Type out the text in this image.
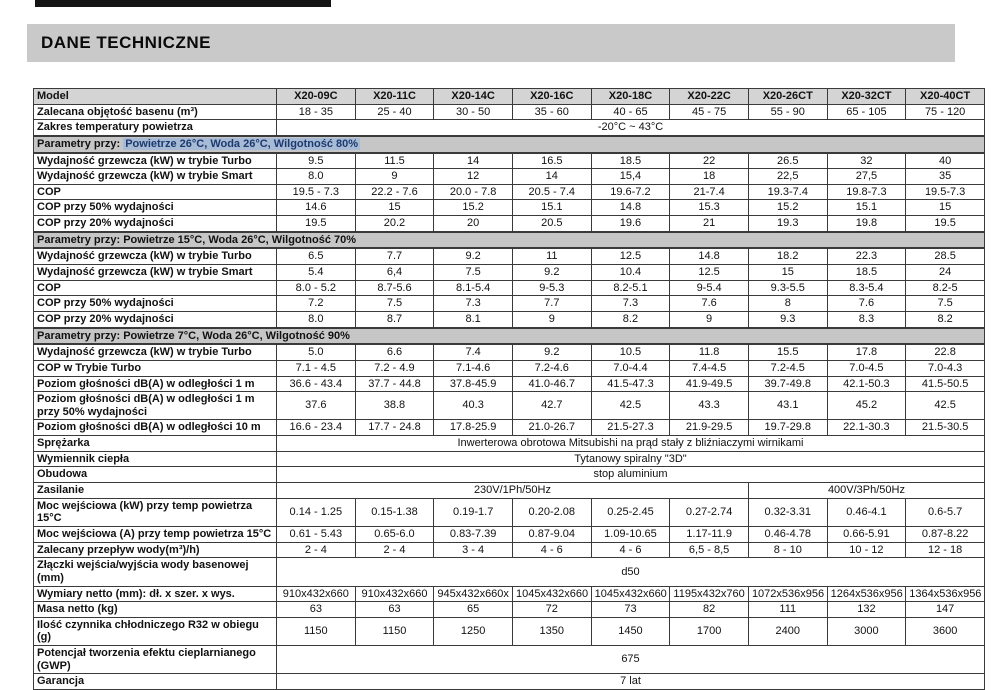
DANE TECHNICZNE
Model	X20-09C	X20-11C	X20-14C	X20-16C	X20-18C	X20-22C	X20-26CT	X20-32CT	X20-40CT
Zalecana objętość basenu (m³)	18 - 35	25 - 40	30 - 50	35 - 60	40 - 65	45 - 75	55 - 90	65 - 105	75 - 120
Zakres temperatury powietrza	-20°C ~ 43°C								
Parametry przy: Powietrze 26°C, Woda 26°C, Wilgotność 80%									
Wydajność grzewcza (kW) w trybie Turbo	9.5	11.5	14	16.5	18.5	22	26.5	32	40
Wydajność grzewcza (kW) w trybie Smart	8.0	9	12	14	15,4	18	22,5	27,5	35
COP	19.5 - 7.3	22.2 - 7.6	20.0 - 7.8	20.5 - 7.4	19.6-7.2	21-7.4	19.3-7.4	19.8-7.3	19.5-7.3
COP przy 50% wydajności	14.6	15	15.2	15.1	14.8	15.3	15.2	15.1	15
COP przy 20% wydajności	19.5	20.2	20	20.5	19.6	21	19.3	19.8	19.5
Parametry przy: Powietrze 15°C, Woda 26°C, Wilgotność 70%									
Wydajność grzewcza (kW) w trybie Turbo	6.5	7.7	9.2	11	12.5	14.8	18.2	22.3	28.5
Wydajność grzewcza (kW) w trybie Smart	5.4	6,4	7.5	9.2	10.4	12.5	15	18.5	24
COP	8.0 - 5.2	8.7-5.6	8.1-5.4	9-5.3	8.2-5.1	9-5.4	9.3-5.5	8.3-5.4	8.2-5
COP przy 50% wydajności	7.2	7.5	7.3	7.7	7.3	7.6	8	7.6	7.5
COP przy 20% wydajności	8.0	8.7	8.1	9	8.2	9	9.3	8.3	8.2
Parametry przy: Powietrze 7°C, Woda 26°C, Wilgotność 90%									
Wydajność grzewcza (kW) w trybie Turbo	5.0	6.6	7.4	9.2	10.5	11.8	15.5	17.8	22.8
COP w Trybie Turbo	7.1 - 4.5	7.2 - 4.9	7.1-4.6	7.2-4.6	7.0-4.4	7.4-4.5	7.2-4.5	7.0-4.5	7.0-4.3
Poziom głośności dB(A) w odległości 1 m	36.6 - 43.4	37.7 - 44.8	37.8-45.9	41.0-46.7	41.5-47.3	41.9-49.5	39.7-49.8	42.1-50.3	41.5-50.5
Poziom głośności dB(A) w odległości 1 m przy 50% wydajności	37.6	38.8	40.3	42.7	42.5	43.3	43.1	45.2	42.5
Poziom głośności dB(A) w odległości 10 m	16.6 - 23.4	17.7 - 24.8	17.8-25.9	21.0-26.7	21.5-27.3	21.9-29.5	19.7-29.8	22.1-30.3	21.5-30.5
Sprężarka	Inwerterowa obrotowa Mitsubishi na prąd stały z bliźniaczymi wirnikami								
Wymiennik ciepła	Tytanowy spiralny "3D"								
Obudowa	stop aluminium								
Zasilanie	230V/1Ph/50Hz						400V/3Ph/50Hz		
Moc wejściowa (kW) przy temp powietrza 15°C	0.14 - 1.25	0.15-1.38	0.19-1.7	0.20-2.08	0.25-2.45	0.27-2.74	0.32-3.31	0.46-4.1	0.6-5.7
Moc wejściowa (A) przy temp powietrza 15°C	0.61 - 5.43	0.65-6.0	0.83-7.39	0.87-9.04	1.09-10.65	1.17-11.9	0.46-4.78	0.66-5.91	0.87-8.22
Zalecany przepływ wody(m³)/h)	2 - 4	2 - 4	3 - 4	4 - 6	4 - 6	6,5 - 8,5	8 - 10	10 - 12	12 - 18
Złączki wejścia/wyjścia wody basenowej (mm)	d50								
Wymiary netto (mm): dł. x szer. x wys.	910x432x660	910x432x660	945x432x660x	1045x432x660	1045x432x660	1195x432x760	1072x536x956	1264x536x956	1364x536x956
Masa netto (kg)	63	63	65	72	73	82	111	132	147
Ilość czynnika chłodniczego R32 w obiegu (g)	1150	1150	1250	1350	1450	1700	2400	3000	3600
Potencjał tworzenia efektu cieplarnianego (GWP)	675								
Garancja	7 lat								
